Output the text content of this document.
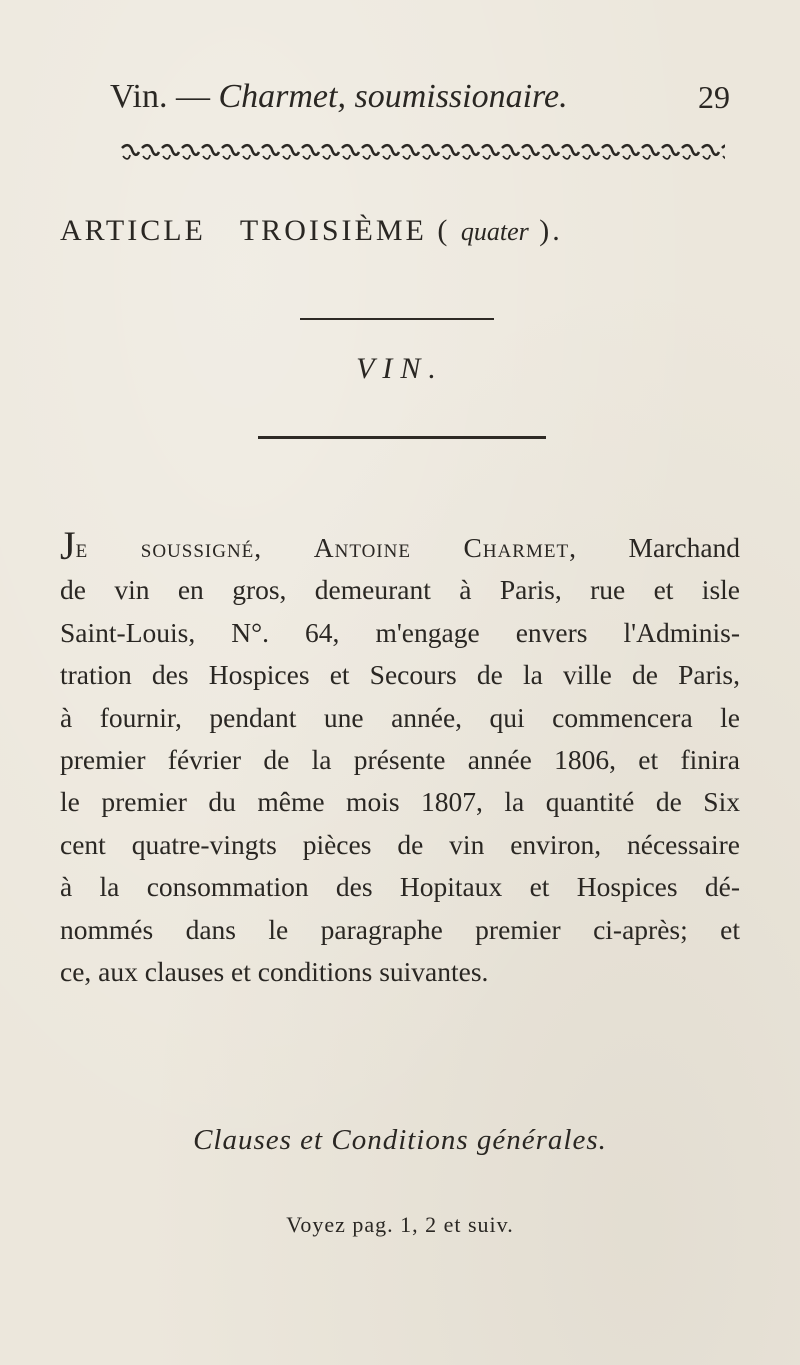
Vin. — Charmet, soumissionaire.	29
ARTICLE TROISIÈME ( quater ).
VIN.
Je soussigné, Antoine Charmet, Marchand
de vin en gros, demeurant à Paris, rue et isle
Saint-Louis, N°. 64, m'engage envers l'Adminis-
tration des Hospices et Secours de la ville de Paris,
à fournir, pendant une année, qui commencera le
premier février de la présente année 1806, et finira
le premier du même mois 1807, la quantité de Six
cent quatre-vingts pièces de vin environ, nécessaire
à la consommation des Hopitaux et Hospices dé-
nommés dans le paragraphe premier ci-après; et
ce, aux clauses et conditions suivantes.
Clauses et Conditions générales.
Voyez pag. 1, 2 et suiv.
